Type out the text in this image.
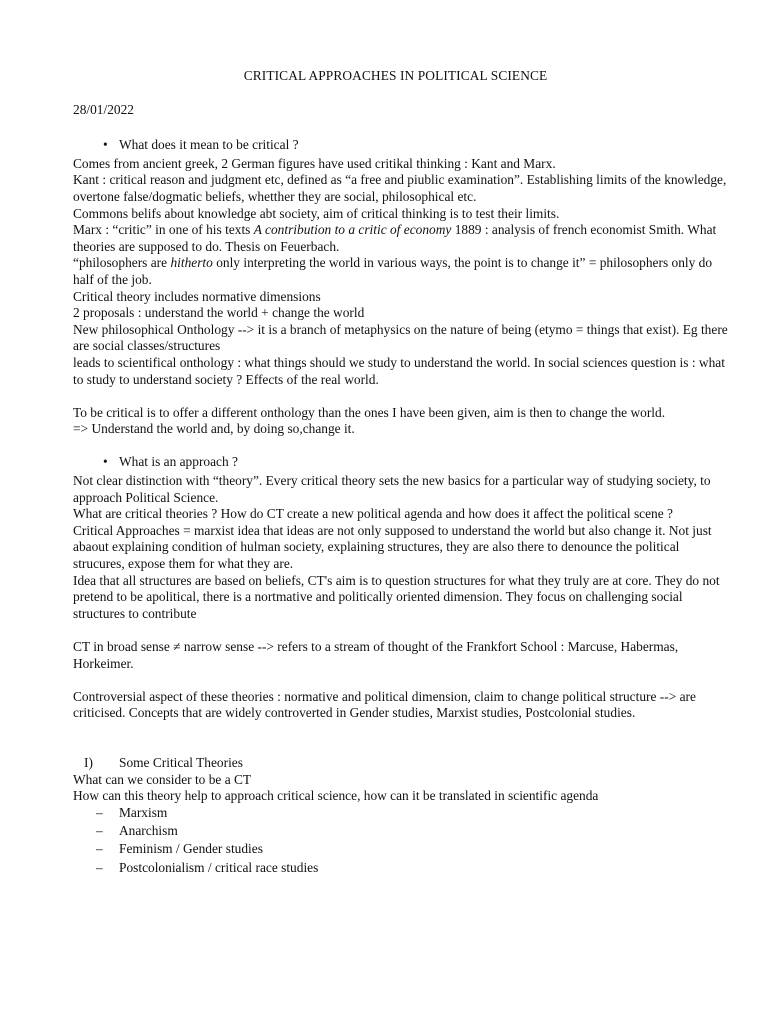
CRITICAL APPROACHES IN POLITICAL SCIENCE
28/01/2022
• What does it mean to be critical ?

Comes from ancient greek, 2 German figures have used critikal thinking : Kant and Marx.

Kant : critical reason and judgment etc, defined as “a free and piublic examination”. Establishing limits of the knowledge, overtone false/dogmatic beliefs, whetther they are social, philosophical etc.

Commons belifs about knowledge abt society, aim of critical thinking is to test their limits.

Marx : “critic” in one of his texts A contribution to a critic of economy 1889 : analysis of french economist Smith. What theories are supposed to do. Thesis on Feuerbach.

“philosophers are hitherto only interpreting the world in various ways, the point is to change it” = philosophers only do half of the job.

Critical theory includes normative dimensions

2 proposals : understand the world + change the world

New philosophical Onthology --> it is a branch of metaphysics on the nature of being (etymo = things that exist). Eg there are social classes/structures

leads to scientifical onthology : what things should we study to understand the world. In social sciences question is : what to study to understand society ? Effects of the real world.

To be critical is to offer a different onthology than the ones I have been given, aim is then to change the world.

=> Understand the world and, by doing so,change it.

• What is an approach ?

Not clear distinction with “theory”. Every critical theory sets the new basics for a particular way of studying society, to approach Political Science.

What are critical theories ? How do CT create a new political agenda and how does it affect the political scene ?

Critical Approaches = marxist idea that ideas are not only supposed to understand the world but also change it. Not just abaout explaining condition of hulman society, explaining structures, they are also there to denounce the political strucures, expose them for what they are.

Idea that all structures are based on beliefs, CT's aim is to question structures for what they truly are at core. They do not pretend to be apolitical, there is a nortmative and politically oriented dimension. They focus on challenging social structures to contribute

CT in broad sense ≠ narrow sense --> refers to a stream of thought of the Frankfort School : Marcuse, Habermas, Horkeimer.

Controversial aspect of these theories : normative and political dimension, claim to change political structure --> are criticised. Concepts that are widely controverted in Gender studies, Marxist studies, Postcolonial studies.

I) Some Critical Theories

What can we consider to be a CT

How can this theory help to approach critical science, how can it be translated in scientific agenda

– Marxism
– Anarchism
– Feminism / Gender studies
– Postcolonialism / critical race studies
